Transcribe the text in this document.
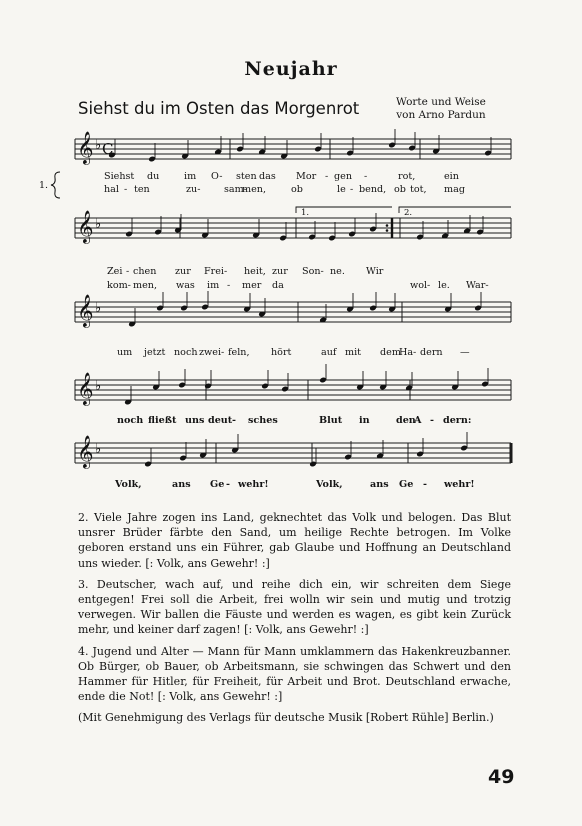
Neujahr
Siehst du im Osten das Morgenrot	Worte und Weise
von Arno Pardun
𝄞 ♭
𝄞 ♭
𝄞 ♭
𝄞 ♭
𝄞 ♭
C
1.	2.
1.
Siehst du	im O- sten das Mor - gen -	rot,	ein
hal - ten	zu- sam-
men,	ob	le - bend, ob tot, mag
Zei - chen zur Frei - heit, zur Son- ne. Wir
kom- men, was im - mer da	wol- le. War-
um jetzt noch zwei- feln, hört	auf mit dem
Ha - dern —
noch fließt uns deut - sches	Blut in	den
A - dern:
Volk,	ans Ge - wehr!	Volk,	ans Ge - wehr!

2. Viele Jahre zogen ins Land, geknechtet das Volk und belogen. Das Blut unsrer Brüder färbte den Sand, um heilige Rechte betrogen. Im Volke geboren erstand uns ein Führer, gab Glaube und Hoffnung an Deutschland uns wieder. [: Volk, ans Gewehr! :]

3. Deutscher, wach auf, und reihe dich ein, wir schreiten dem Siege entgegen! Frei soll die Arbeit, frei wolln wir sein und mutig und trotzig verwegen. Wir ballen die Fäuste und werden es wagen, es gibt kein Zurück mehr, und keiner darf zagen! [: Volk, ans Gewehr! :]

4. Jugend und Alter — Mann für Mann umklammern das Hakenkreuzbanner. Ob Bürger, ob Bauer, ob Arbeitsmann, sie schwingen das Schwert und den Hammer für Hitler, für Freiheit, für Arbeit und Brot. Deutschland erwache, ende die Not! [: Volk, ans Gewehr! :]

(Mit Genehmigung des Verlags für deutsche Musik [Robert Rühle] Berlin.)

49
